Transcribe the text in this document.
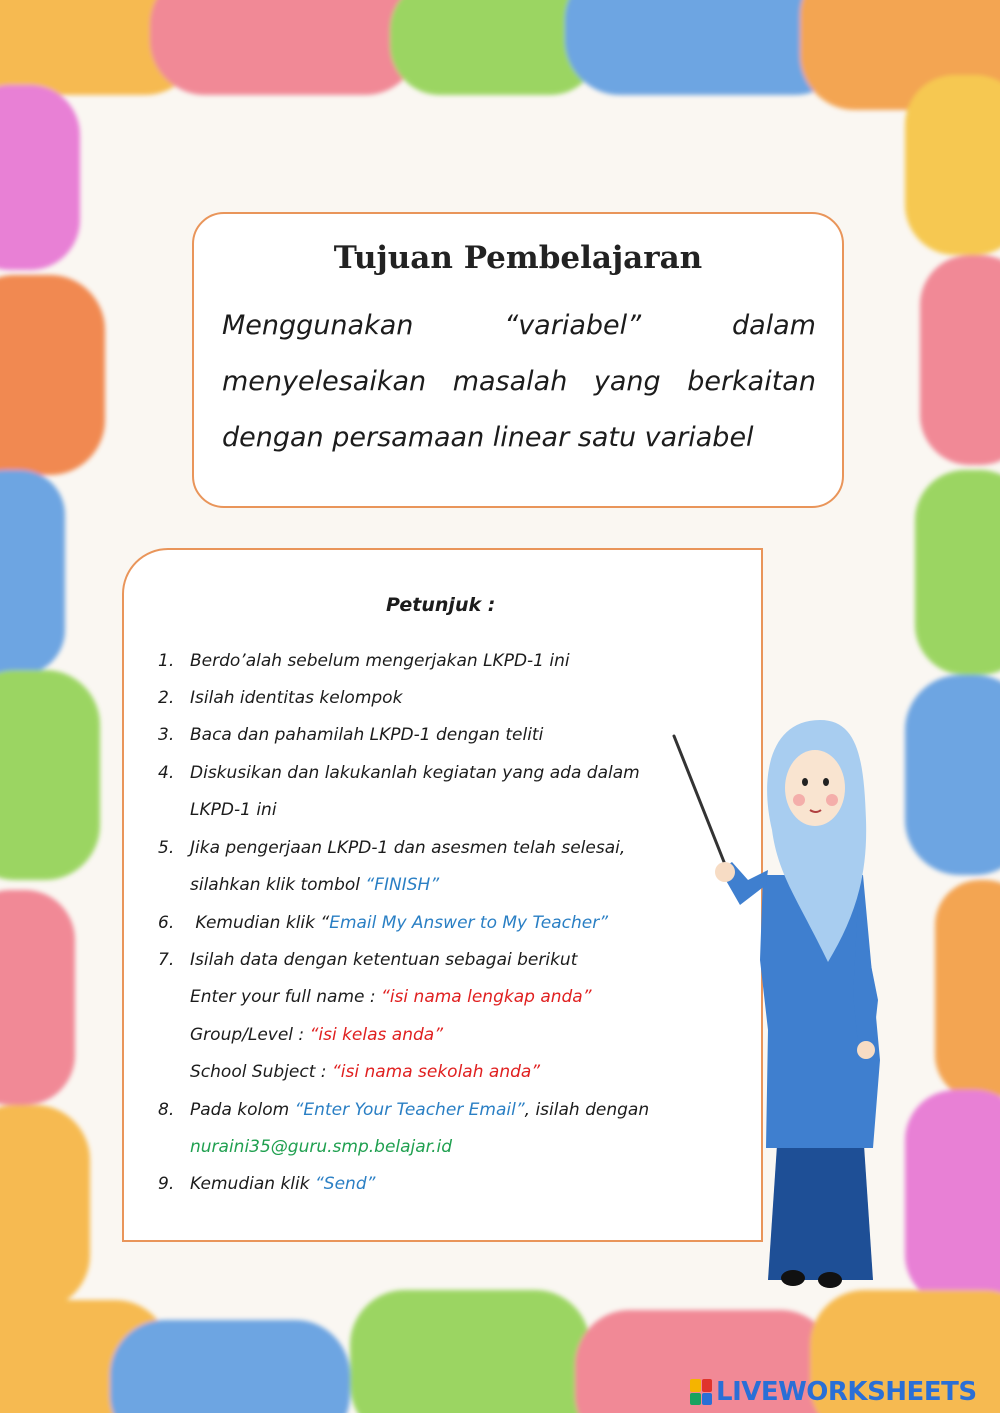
Tujuan Pembelajaran
Menggunakan	“variabel”	dalam
menyelesaikan masalah yang berkaitan
dengan persamaan linear satu variabel
Petunjuk :
1. Berdo’alah sebelum mengerjakan LKPD-1 ini
2. Isilah identitas kelompok
3. Baca dan pahamilah LKPD-1 dengan teliti
4. Diskusikan dan lakukanlah kegiatan yang ada dalam
LKPD-1 ini
5. Jika pengerjaan LKPD-1 dan asesmen telah selesai,
silahkan klik tombol “FINISH”
6. Kemudian klik “Email My Answer to My Teacher”
7. Isilah data dengan ketentuan sebagai berikut
Enter your full name : “isi nama lengkap anda”
Group/Level : “isi kelas anda”
School Subject : “isi nama sekolah anda”
8. Pada kolom “Enter Your Teacher Email”, isilah dengan
nuraini35@guru.smp.belajar.id
9. Kemudian klik “Send”
LIVEWORKSHEETS
